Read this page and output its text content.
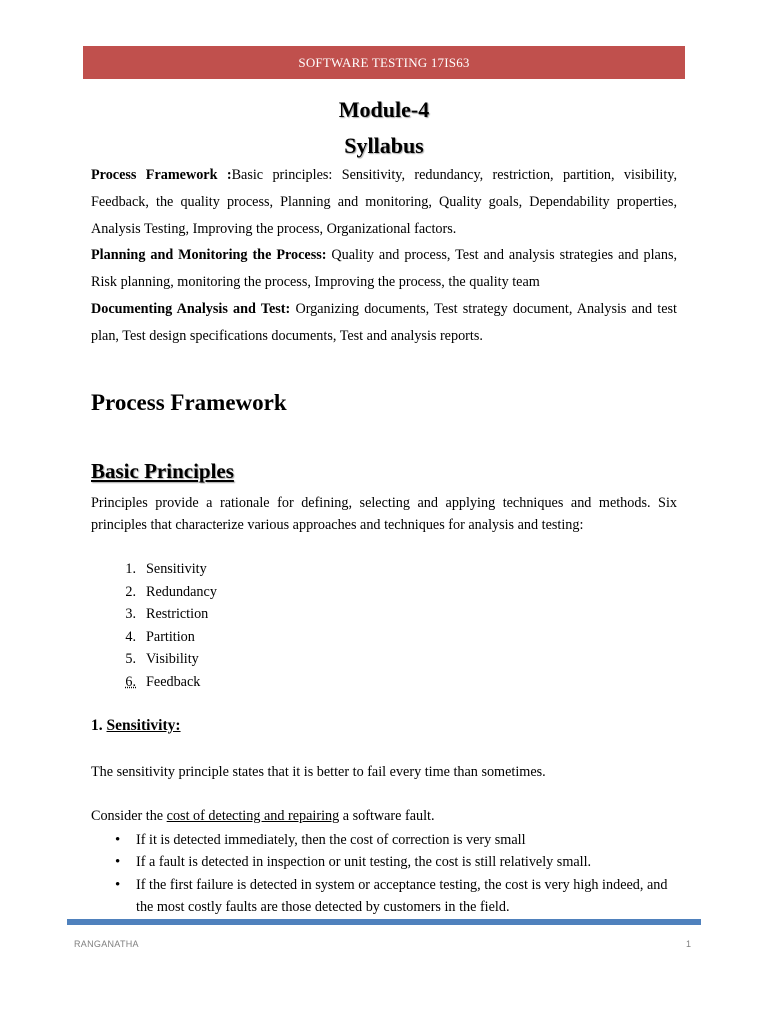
SOFTWARE TESTING 17IS63
Module-4
Syllabus
Process Framework :Basic principles: Sensitivity, redundancy, restriction, partition, visibility, Feedback, the quality process, Planning and monitoring, Quality goals, Dependability properties, Analysis Testing, Improving the process, Organizational factors.
Planning and Monitoring the Process: Quality and process, Test and analysis strategies and plans, Risk planning, monitoring the process, Improving the process, the quality team
Documenting Analysis and Test: Organizing documents, Test strategy document, Analysis and test plan, Test design specifications documents, Test and analysis reports.
Process Framework
Basic Principles
Principles provide a rationale for defining, selecting and applying techniques and methods. Six principles that characterize various approaches and techniques for analysis and testing:
1. Sensitivity
2. Redundancy
3. Restriction
4. Partition
5. Visibility
6. Feedback
1. Sensitivity:
The sensitivity principle states that it is better to fail every time than sometimes.
Consider the cost of detecting and repairing a software fault.
•
If it is detected immediately, then the cost of correction is very small
•
If a fault is detected in inspection or unit testing, the cost is still relatively small.
•
If the first failure is detected in system or acceptance testing, the cost is very high indeed, and the most costly faults are those detected by customers in the field.
RANGANATHA	1
